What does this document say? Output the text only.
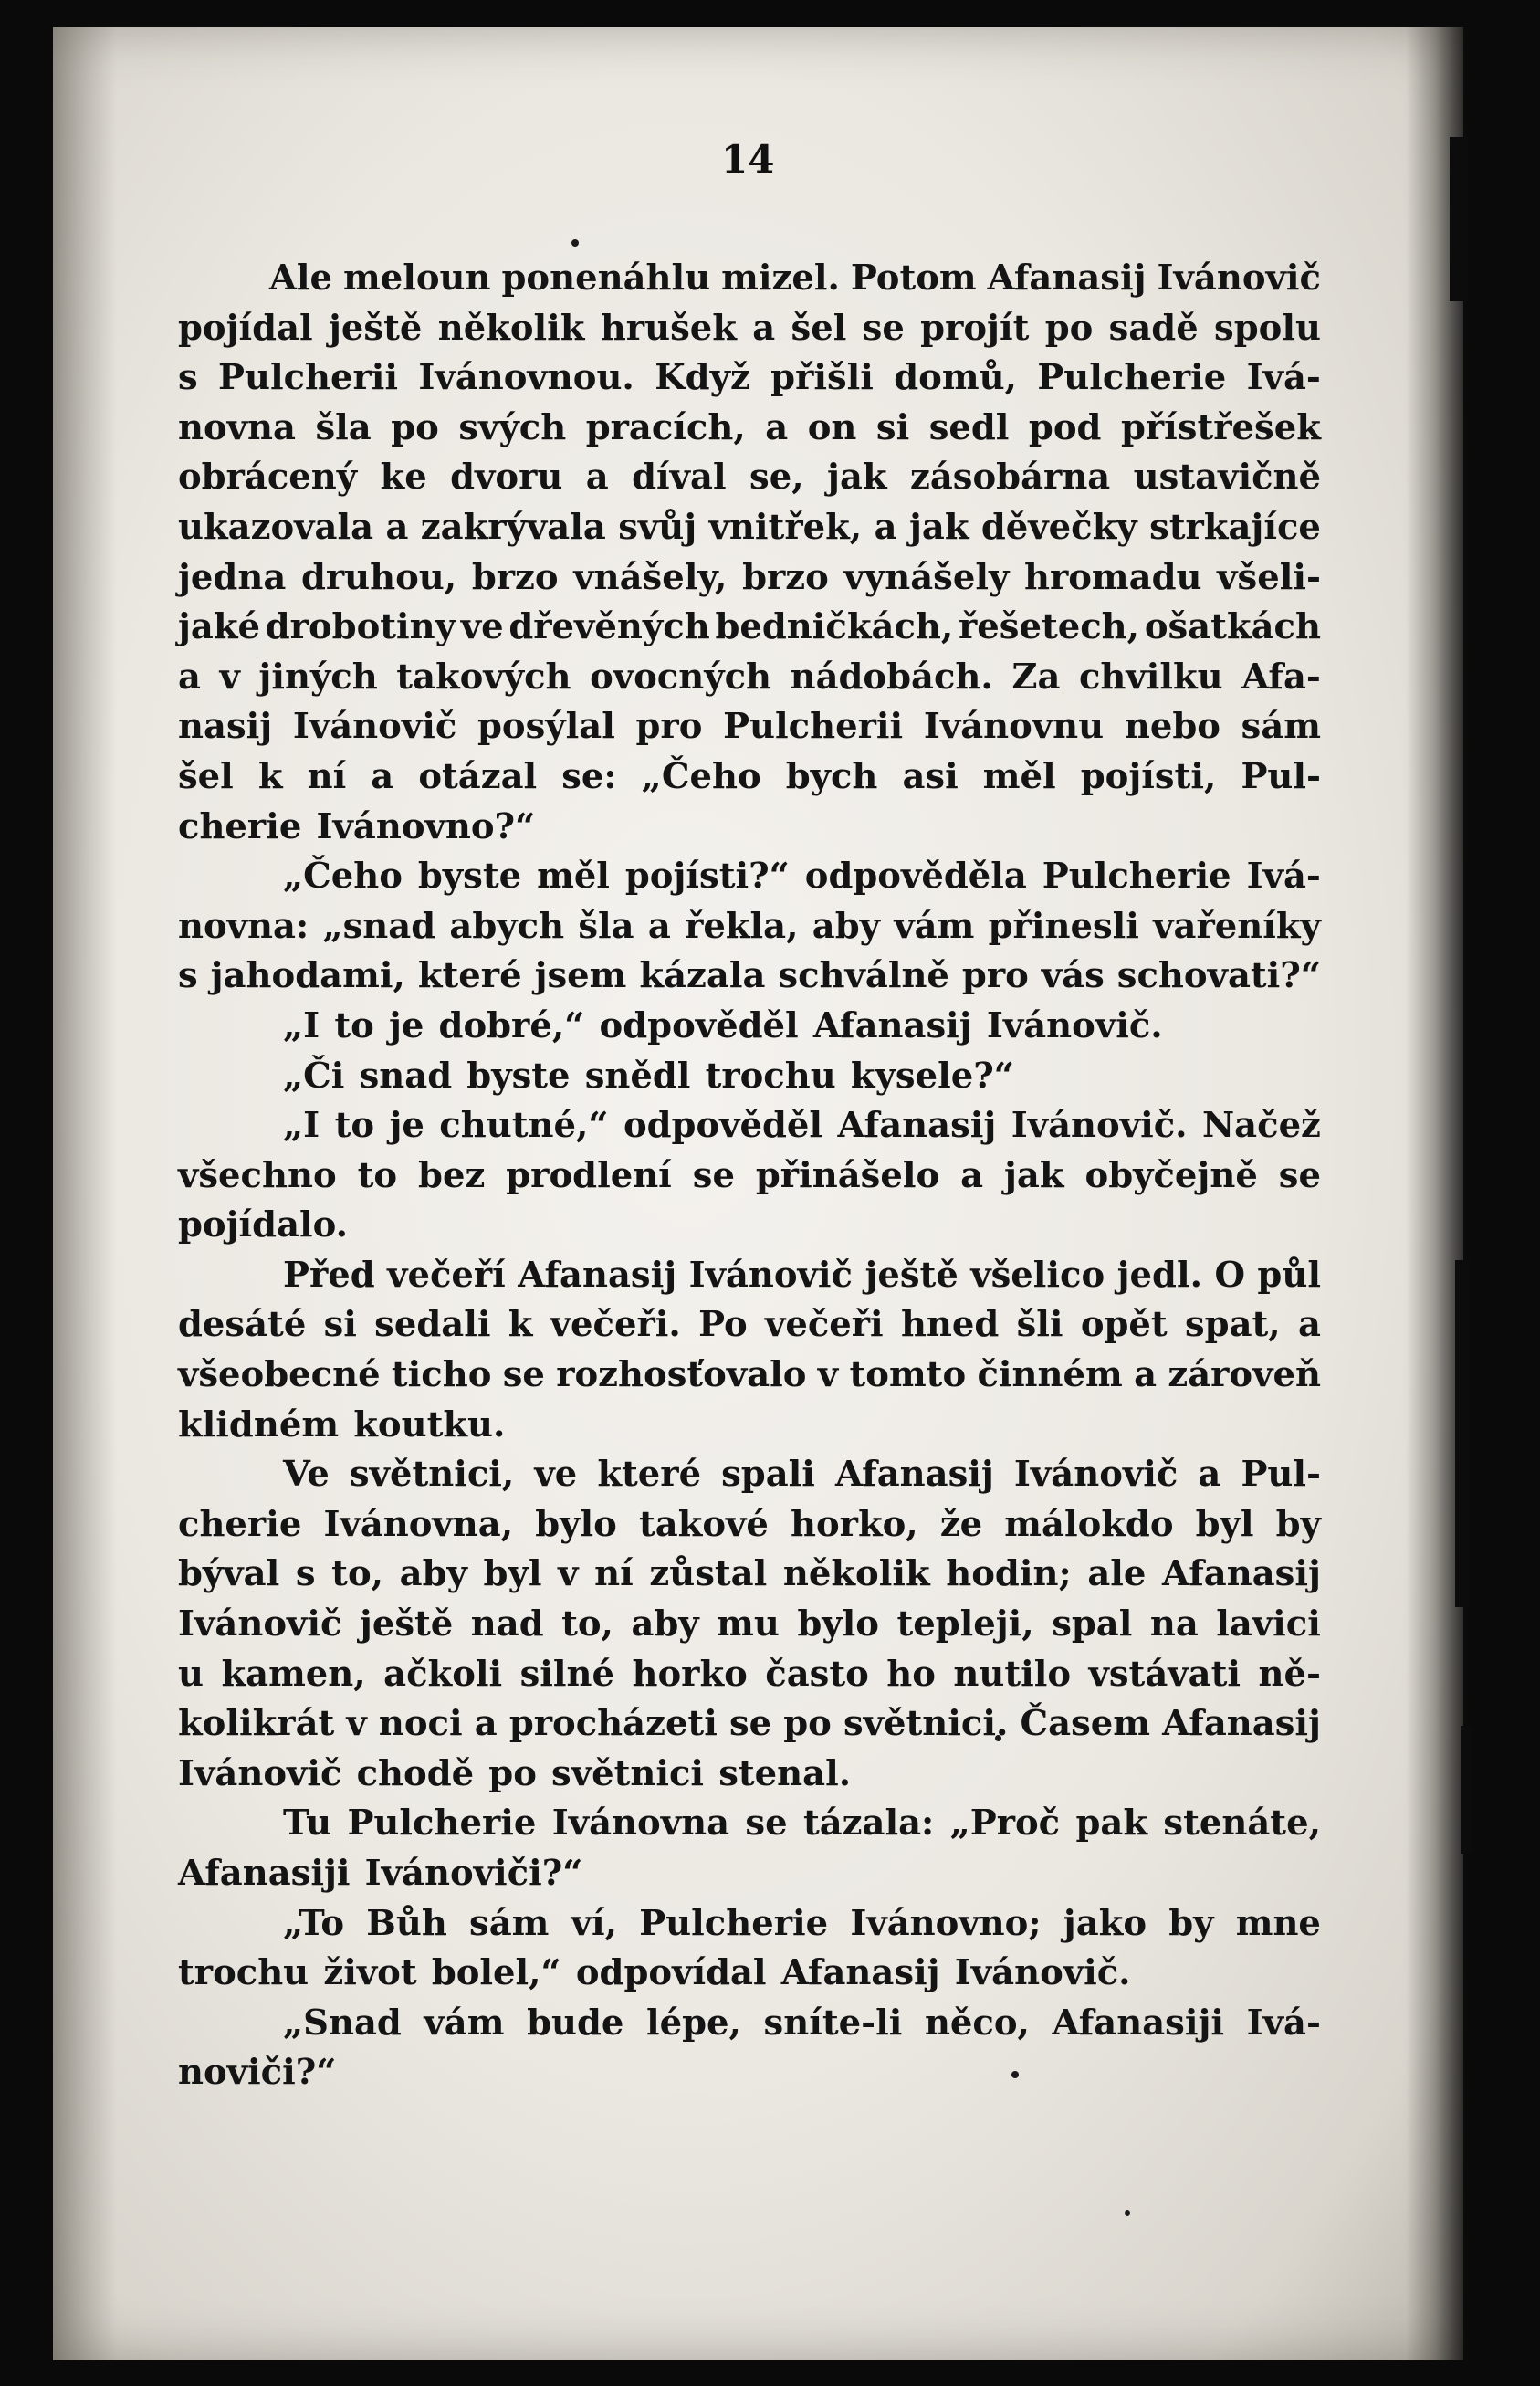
14
Ale meloun ponenáhlu mizel. Potom Afanasij Ivánovič
pojídal ještě několik hrušek a šel se projít po sadě spolu
s Pulcherii Ivánovnou. Když přišli domů, Pulcherie Ivá-
novna šla po svých pracích, a on si sedl pod přístřešek
obrácený ke dvoru a díval se, jak zásobárna ustavičně
ukazovala a zakrývala svůj vnitřek, a jak děvečky strkajíce
jedna druhou, brzo vnášely, brzo vynášely hromadu všeli-
jaké drobotiny ve dřevěných bedničkách, řešetech, ošatkách
a v jiných takových ovocných nádobách. Za chvilku Afa-
nasij Ivánovič posýlal pro Pulcherii Ivánovnu nebo sám
šel k ní a otázal se: „Čeho bych asi měl pojísti, Pul-
cherie Ivánovno?“
„Čeho byste měl pojísti?“ odpověděla Pulcherie Ivá-
novna: „snad abych šla a řekla, aby vám přinesli vařeníky
s jahodami, které jsem kázala schválně pro vás schovati?“
„I to je dobré,“ odpověděl Afanasij Ivánovič.
„Či snad byste snědl trochu kysele?“
„I to je chutné,“ odpověděl Afanasij Ivánovič. Načež
všechno to bez prodlení se přinášelo a jak obyčejně se
pojídalo.
Před večeří Afanasij Ivánovič ještě všelico jedl. O půl
desáté si sedali k večeři. Po večeři hned šli opět spat, a
všeobecné ticho se rozhosťovalo v tomto činném a zároveň
klidném koutku.
Ve světnici, ve které spali Afanasij Ivánovič a Pul-
cherie Ivánovna, bylo takové horko, že málokdo byl by
býval s to, aby byl v ní zůstal několik hodin; ale Afanasij
Ivánovič ještě nad to, aby mu bylo tepleji, spal na lavici
u kamen, ačkoli silné horko často ho nutilo vstávati ně-
kolikrát v noci a procházeti se po světnici. Časem Afanasij
Ivánovič chodě po světnici stenal.
Tu Pulcherie Ivánovna se tázala: „Proč pak stenáte,
Afanasiji Ivánoviči?“
„To Bůh sám ví, Pulcherie Ivánovno; jako by mne
trochu život bolel,“ odpovídal Afanasij Ivánovič.
„Snad vám bude lépe, sníte-li něco, Afanasiji Ivá-
noviči?“
